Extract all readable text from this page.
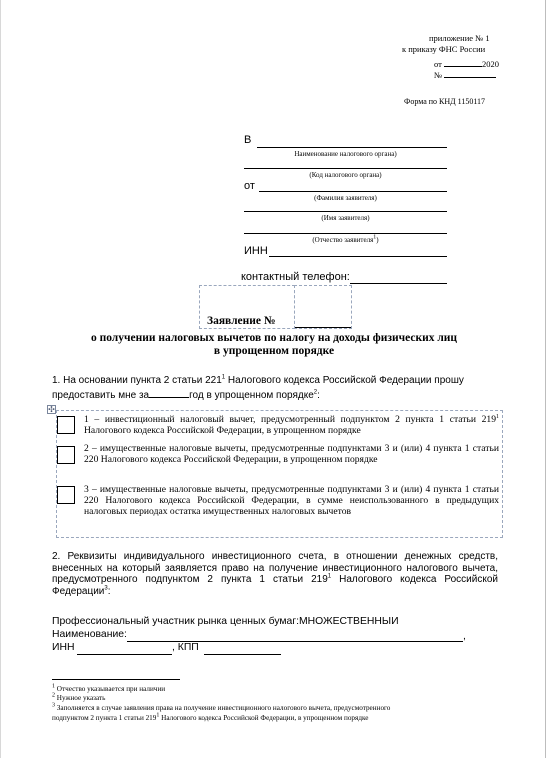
приложение № 1
к приказу ФНС России
от	2020
№
Форма по КНД 1150117
В
Наименование налогового органа)
(Код налогового органа)
от
(Фамилия заявителя)
(Имя заявителя)
(Отчество заявителя1)
ИНН
контактный телефон:
Заявление №
о получении налоговых вычетов по налогу на доходы физических лиц
в упрощенном порядке
1. На основании пункта 2 статьи $221^1$ Налогового кодекса Российской Федерации прошу
предоставить мне за	год в упрощенном порядке$^2$:
✣
1 – инвестиционный налоговый вычет, предусмотренный подпунктом 2 пункта 1 статьи $219^1$ Налогового кодекса Российской Федерации, в упрощенном порядке
2 – имущественные налоговые вычеты, предусмотренные подпунктами 3 и (или) 4 пункта 1 статьи 220 Налогового кодекса Российской Федерации, в упрощенном порядке
3 – имущественные налоговые вычеты, предусмотренные подпунктами 3 и (или) 4 пункта 1 статьи 220 Налогового кодекса Российской Федерации, в сумме неиспользованного в предыдущих налоговых периодах остатка имущественных налоговых вычетов
2. Реквизиты индивидуального инвестиционного счета, в отношении денежных средств, внесенных на который заявляется право на получение инвестиционного налогового вычета, предусмотренного подпунктом 2 пункта 1 статьи $219^1$ Налогового кодекса Российской Федерации$^3$:
Профессиональный участник рынка ценных бумаг:МНОЖЕСТВЕННЫИ
Наименование:	,
ИНН	, КПП
$^1$ Отчество указывается при наличии
$^2$ Нужное указать
$^3$ Заполняется в случае заявления права на получение инвестиционного налогового вычета, предусмотренного
подпунктом 2 пункта 1 статьи $219^1$ Налогового кодекса Российской Федерации, в упрощенном порядке
